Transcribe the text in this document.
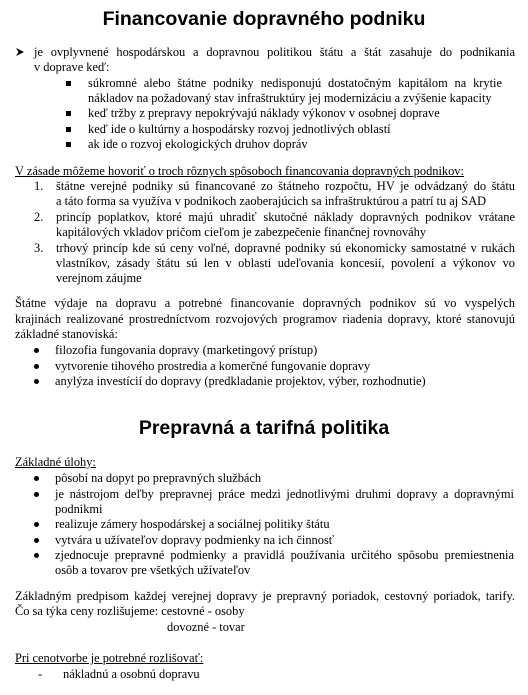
Financovanie dopravného podniku
je ovplyvnené hospodárskou a dopravnou politikou štátu a štát zasahuje do podnikania
v doprave keď:
súkromné alebo štátne podniky nedisponujú dostatočným kapitálom na krytie
nákladov na požadovaný stav infraštruktúry jej modernizáciu a zvýšenie kapacity
keď tržby z prepravy nepokrývajú náklady výkonov v osobnej doprave
keď ide o kultúrny a hospodársky rozvoj jednotlivých oblastí
ak ide o rozvoj ekologických druhov dopráv
V zásade môžeme hovoriť o troch rôznych spôsoboch financovania dopravných podnikov:
1. štátne verejné podniky sú financované zo štátneho rozpočtu, HV je odvádzaný do štátu
a táto forma sa využíva v podnikoch zaoberajúcich sa infraštruktúrou a patrí tu aj SAD
2. princíp poplatkov, ktoré majú uhradiť skutočné náklady dopravných podnikov vrátane
kapitálových vkladov pričom cieľom je zabezpečenie finančnej rovnováhy
3. trhový princíp kde sú ceny voľné, dopravné podniky sú ekonomicky samostatné v rukách
vlastníkov, zásady štátu sú len v oblasti udeľovania koncesií, povolení a výkonov vo
verejnom záujme
Štátne výdaje na dopravu a potrebné financovanie dopravných podnikov sú vo vyspelých
krajinách realizované prostredníctvom rozvojových programov riadenia dopravy, ktoré stanovujú
základné stanoviská:
filozofia fungovania dopravy (marketingový prístup)
vytvorenie tihového prostredia a komerčné fungovanie dopravy
anylýza investícií do dopravy (predkladanie projektov, výber, rozhodnutie)
Prepravná a tarifná politika
Základné úlohy:
pôsobí na dopyt po prepravných službách
je nástrojom deľby prepravnej práce medzi jednotlivými druhmi dopravy a dopravnými
podnikmi
realizuje zámery hospodárskej a sociálnej politiky štátu
vytvára u užívateľov dopravy podmienky na ich činnosť
zjednocuje prepravné podmienky a pravidlá používania určitého spôsobu premiestnenia
osôb a tovarov pre všetkých užívateľov
Základným predpisom každej verejnej dopravy je prepravný poriadok, cestovný poriadok, tarify.
Čo sa týka ceny rozlišujeme: cestovné - osoby
dovozné - tovar
Pri cenotvorbe je potrebné rozlišovať:
- nákladnú a osobnú dopravu
